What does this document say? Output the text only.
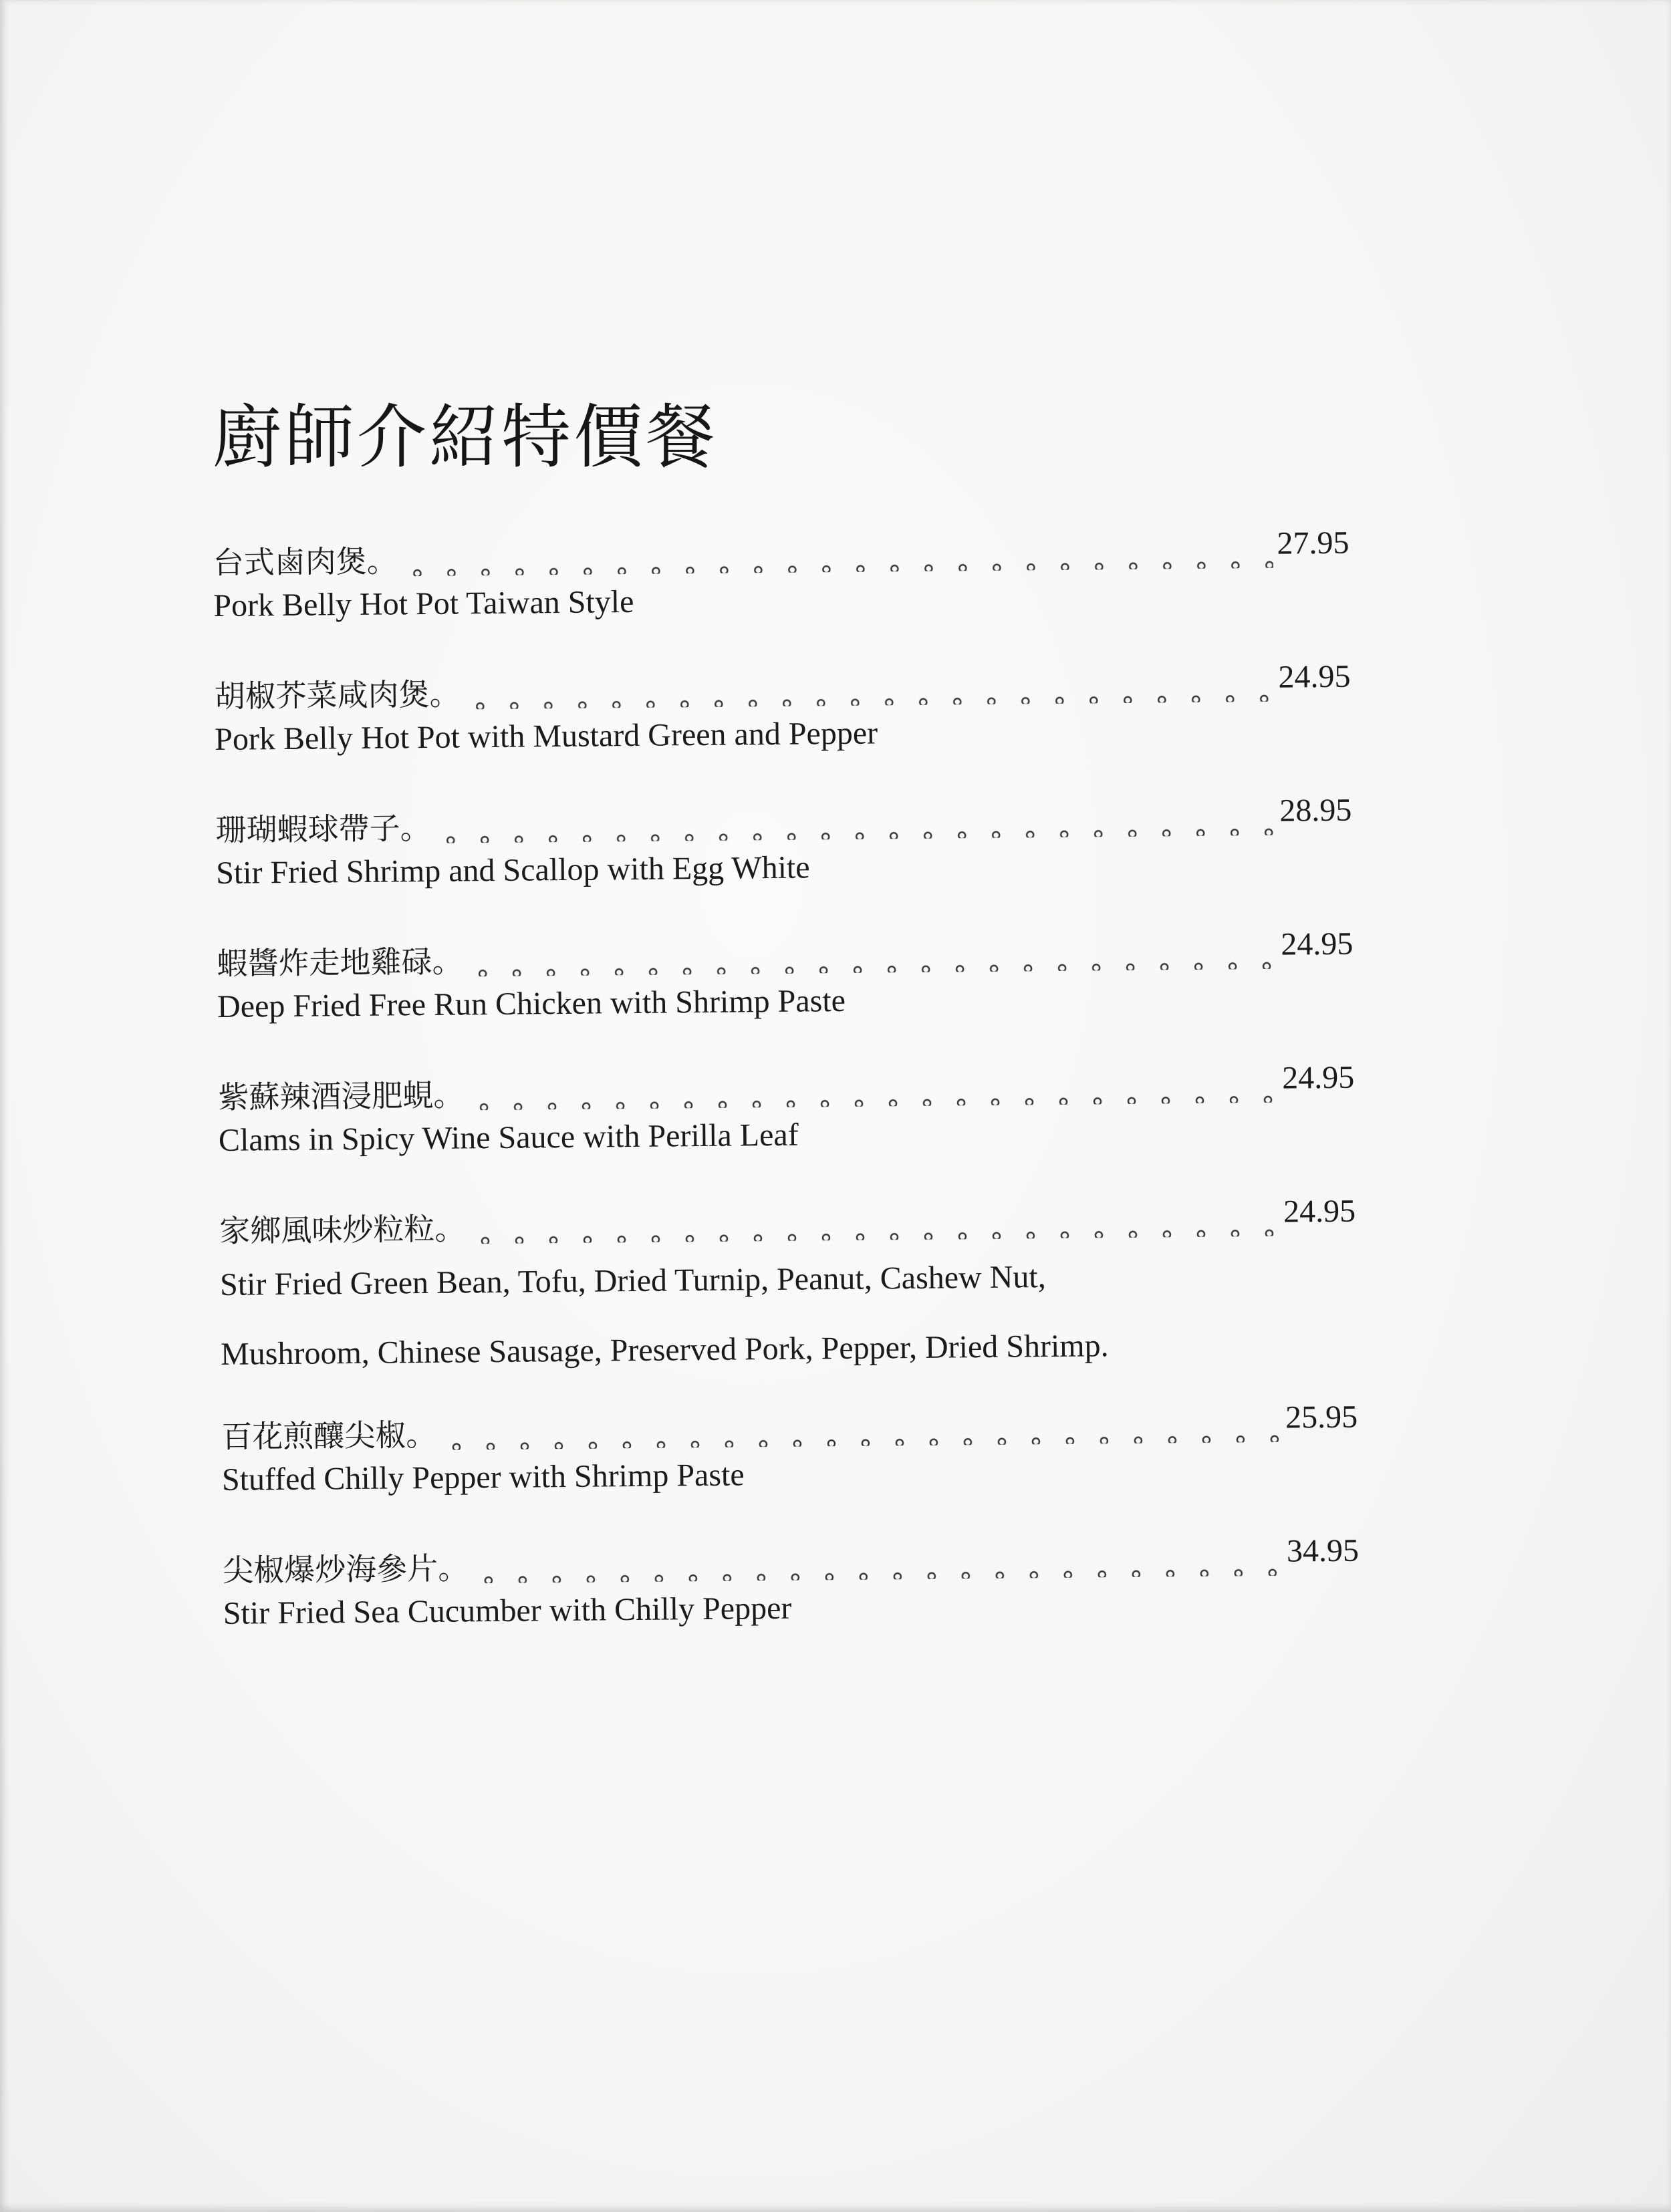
廚師介紹特價餐
台式鹵肉煲。	27.95
Pork Belly Hot Pot Taiwan Style
胡椒芥菜咸肉煲。	24.95
Pork Belly Hot Pot with Mustard Green and Pepper
珊瑚蝦球帶子。	28.95
Stir Fried Shrimp and Scallop with Egg White
蝦醬炸走地雞碌。	24.95
Deep Fried Free Run Chicken with Shrimp Paste
紫蘇辣酒浸肥蜆。	24.95
Clams in Spicy Wine Sauce with Perilla Leaf
家鄉風味炒粒粒。	24.95
Stir Fried Green Bean, Tofu, Dried Turnip, Peanut, Cashew Nut,
Mushroom, Chinese Sausage, Preserved Pork, Pepper, Dried Shrimp.
百花煎釀尖椒。	25.95
Stuffed Chilly Pepper with Shrimp Paste
尖椒爆炒海參片。	34.95
Stir Fried Sea Cucumber with Chilly Pepper
